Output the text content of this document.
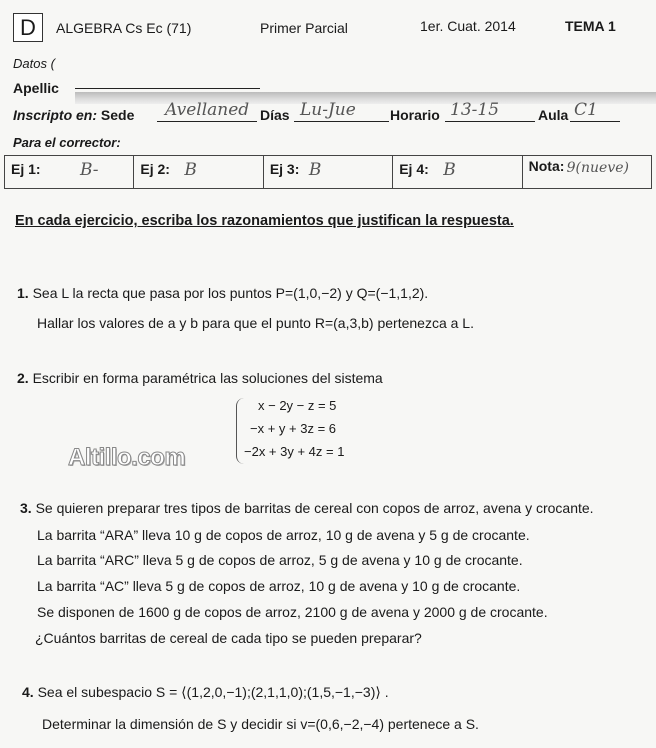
D	ALGEBRA Cs Ec (71)	Primer Parcial	1er. Cuat. 2014	TEMA 1
Datos (
Apellic
Inscripto en: Sede Avellaned Días Lu-Jue Horario 13-15	Aula C1
Para el corrector:
Ej 1: B-	Ej 2: B	Ej 3: B	Ej 4: B	Nota: 9(nueve)
En cada ejercicio, escriba los razonamientos que justifican la respuesta.
1. Sea L la recta que pasa por los puntos P=(1,0,−2) y Q=(−1,1,2).
Hallar los valores de a y b para que el punto R=(a,3,b) pertenezca a L.
2. Escribir en forma paramétrica las soluciones del sistema
x − 2y − z = 5
−x + y + 3z = 6
−2x + 3y + 4z = 1
Altillo.com
3. Se quieren preparar tres tipos de barritas de cereal con copos de arroz, avena y crocante.
La barrita “ARA” lleva 10 g de copos de arroz, 10 g de avena y 5 g de crocante.
La barrita “ARC” lleva 5 g de copos de arroz, 5 g de avena y 10 g de crocante.
La barrita “AC” lleva 5 g de copos de arroz, 10 g de avena y 10 g de crocante.
Se disponen de 1600 g de copos de arroz, 2100 g de avena y 2000 g de crocante.
¿Cuántos barritas de cereal de cada tipo se pueden preparar?
4. Sea el subespacio S = ⟨(1,2,0,−1);(2,1,1,0);(1,5,−1,−3)⟩ .
Determinar la dimensión de S y decidir si v=(0,6,−2,−4) pertenece a S.
